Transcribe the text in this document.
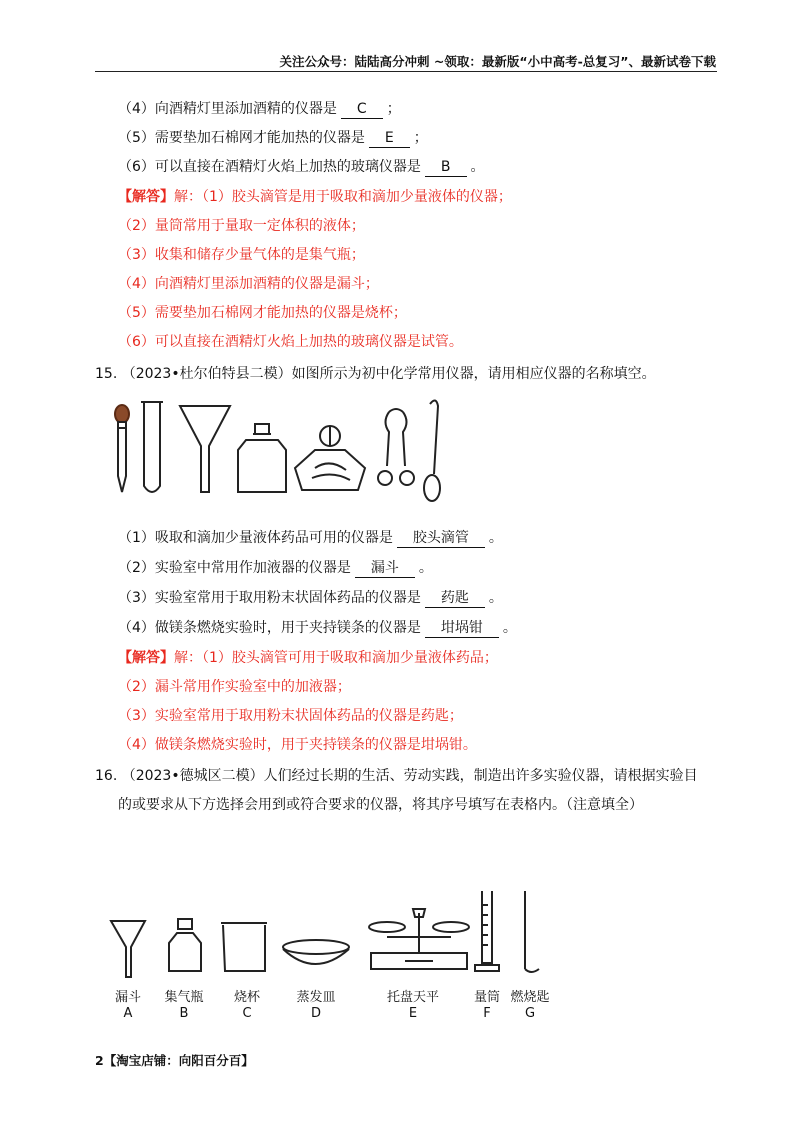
关注公众号：陆陆高分冲刺 ~领取：最新版“小中高考-总复习”、最新试卷下载
（4）向酒精灯里添加酒精的仪器是 C ；
（5）需要垫加石棉网才能加热的仪器是 E ；
（6）可以直接在酒精灯火焰上加热的玻璃仪器是 B 。
【解答】解：（1）胶头滴管是用于吸取和滴加少量液体的仪器；
（2）量筒常用于量取一定体积的液体；
（3）收集和储存少量气体的是集气瓶；
（4）向酒精灯里添加酒精的仪器是漏斗；
（5）需要垫加石棉网才能加热的仪器是烧杯；
（6）可以直接在酒精灯火焰上加热的玻璃仪器是试管。
15. （2023•杜尔伯特县二模）如图所示为初中化学常用仪器，请用相应仪器的名称填空。
（1）吸取和滴加少量液体药品可用的仪器是 胶头滴管 。
（2）实验室中常用作加液器的仪器是 漏斗 。
（3）实验室常用于取用粉末状固体药品的仪器是 药匙 。
（4）做镁条燃烧实验时，用于夹持镁条的仪器是 坩埚钳 。
【解答】解：（1）胶头滴管可用于吸取和滴加少量液体药品；
（2）漏斗常用作实验室中的加液器；
（3）实验室常用于取用粉末状固体药品的仪器是药匙；
（4）做镁条燃烧实验时，用于夹持镁条的仪器是坩埚钳。
16. （2023•德城区二模）人们经过长期的生活、劳动实践，制造出许多实验仪器，请根据实验目
的或要求从下方选择会用到或符合要求的仪器，将其序号填写在表格内。（注意填全）
漏斗
A
集气瓶
B
烧杯
C
蒸发皿
D
托盘天平
E
量筒
F
燃烧匙
G
2【淘宝店铺：向阳百分百】
